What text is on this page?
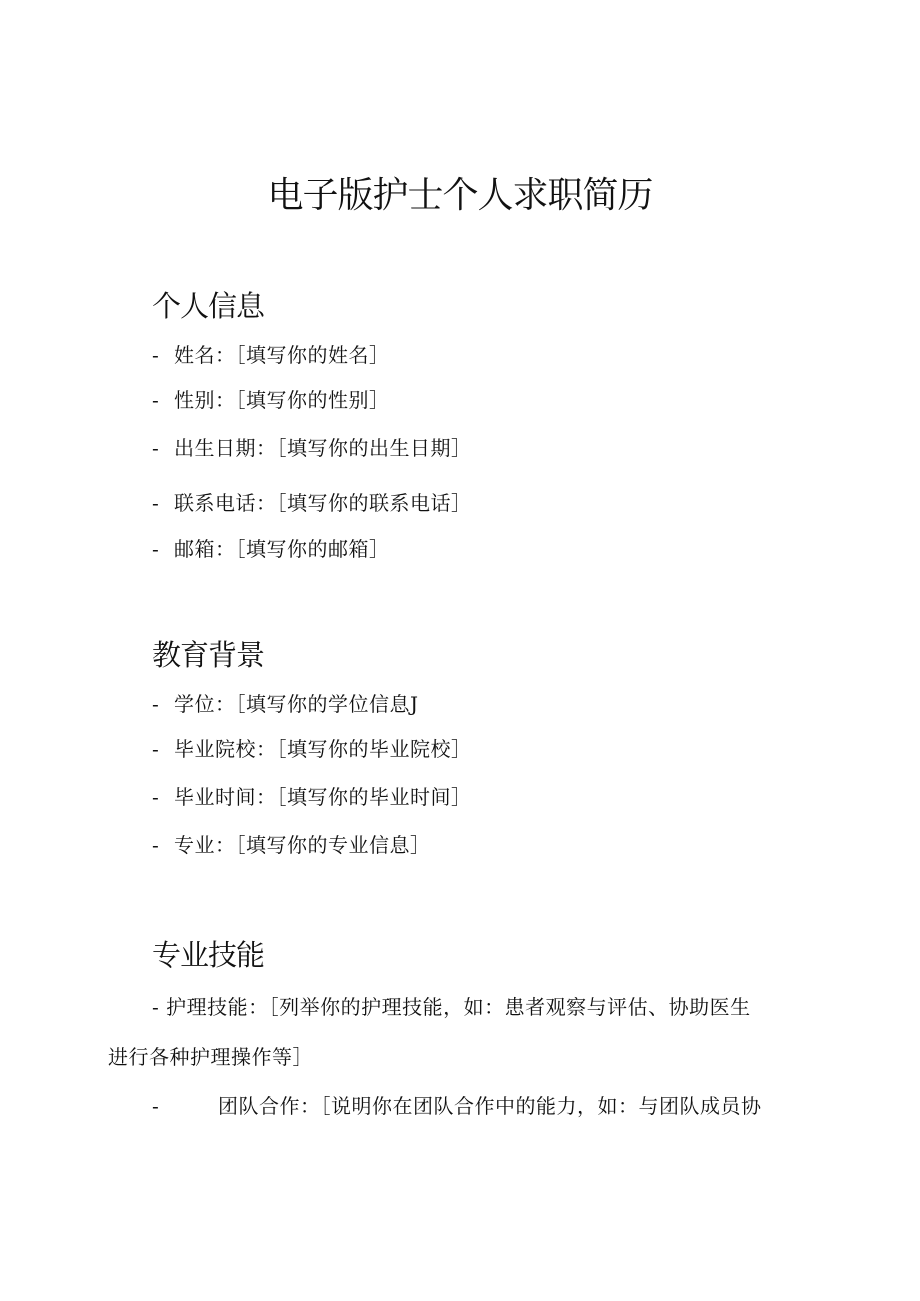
电子版护士个人求职简历
个人信息
- 姓名：［填写你的姓名］
- 性别：［填写你的性别］
- 出生日期：［填写你的出生日期］
- 联系电话：［填写你的联系电话］
- 邮箱：［填写你的邮箱］
教育背景
- 学位：［填写你的学位信息J
- 毕业院校：［填写你的毕业院校］
- 毕业时间：［填写你的毕业时间］
- 专业：［填写你的专业信息］
专业技能
- 护理技能：［列举你的护理技能，如：患者观察与评估、协助医生
进行各种护理操作等］
-	团队合作：［说明你在团队合作中的能力，如：与团队成员协
